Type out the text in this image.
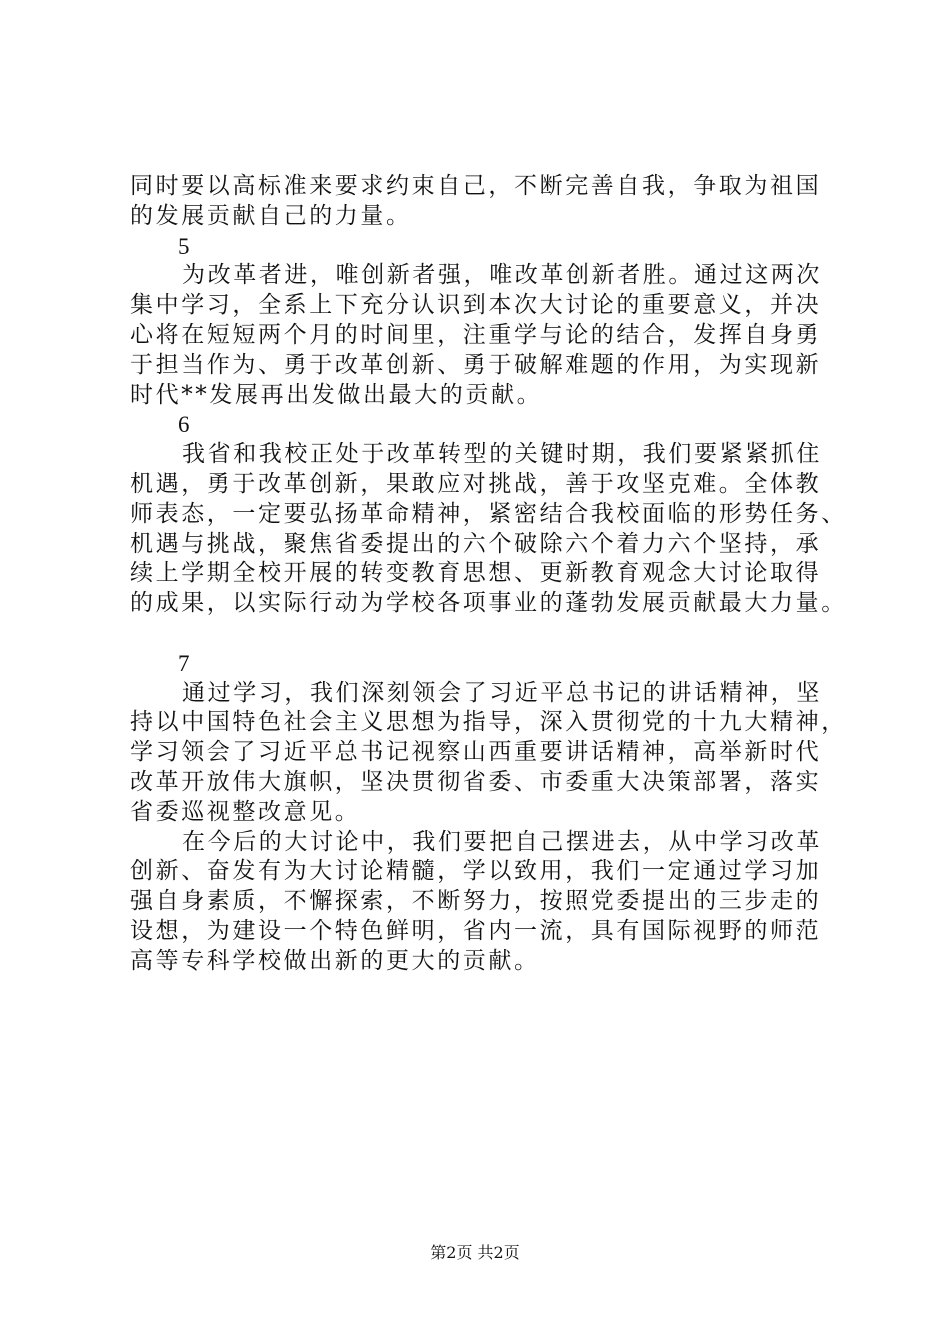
同时要以高标准来要求约束自己，不断完善自我，争取为祖国
的发展贡献自己的力量。
5
为改革者进，唯创新者强，唯改革创新者胜。通过这两次
集中学习，全系上下充分认识到本次大讨论的重要意义，并决
心将在短短两个月的时间里，注重学与论的结合，发挥自身勇
于担当作为、勇于改革创新、勇于破解难题的作用，为实现新
时代**发展再出发做出最大的贡献。
6
我省和我校正处于改革转型的关键时期，我们要紧紧抓住
机遇，勇于改革创新，果敢应对挑战，善于攻坚克难。全体教
师表态，一定要弘扬革命精神，紧密结合我校面临的形势任务、
机遇与挑战，聚焦省委提出的六个破除六个着力六个坚持，承
续上学期全校开展的转变教育思想、更新教育观念大讨论取得
的成果，以实际行动为学校各项事业的蓬勃发展贡献最大力量。
7
通过学习，我们深刻领会了习近平总书记的讲话精神，坚
持以中国特色社会主义思想为指导，深入贯彻党的十九大精神，
学习领会了习近平总书记视察山西重要讲话精神，高举新时代
改革开放伟大旗帜，坚决贯彻省委、市委重大决策部署，落实
省委巡视整改意见。
在今后的大讨论中，我们要把自己摆进去，从中学习改革
创新、奋发有为大讨论精髓，学以致用，我们一定通过学习加
强自身素质，不懈探索，不断努力，按照党委提出的三步走的
设想，为建设一个特色鲜明，省内一流，具有国际视野的师范
高等专科学校做出新的更大的贡献。
第2页 共2页
